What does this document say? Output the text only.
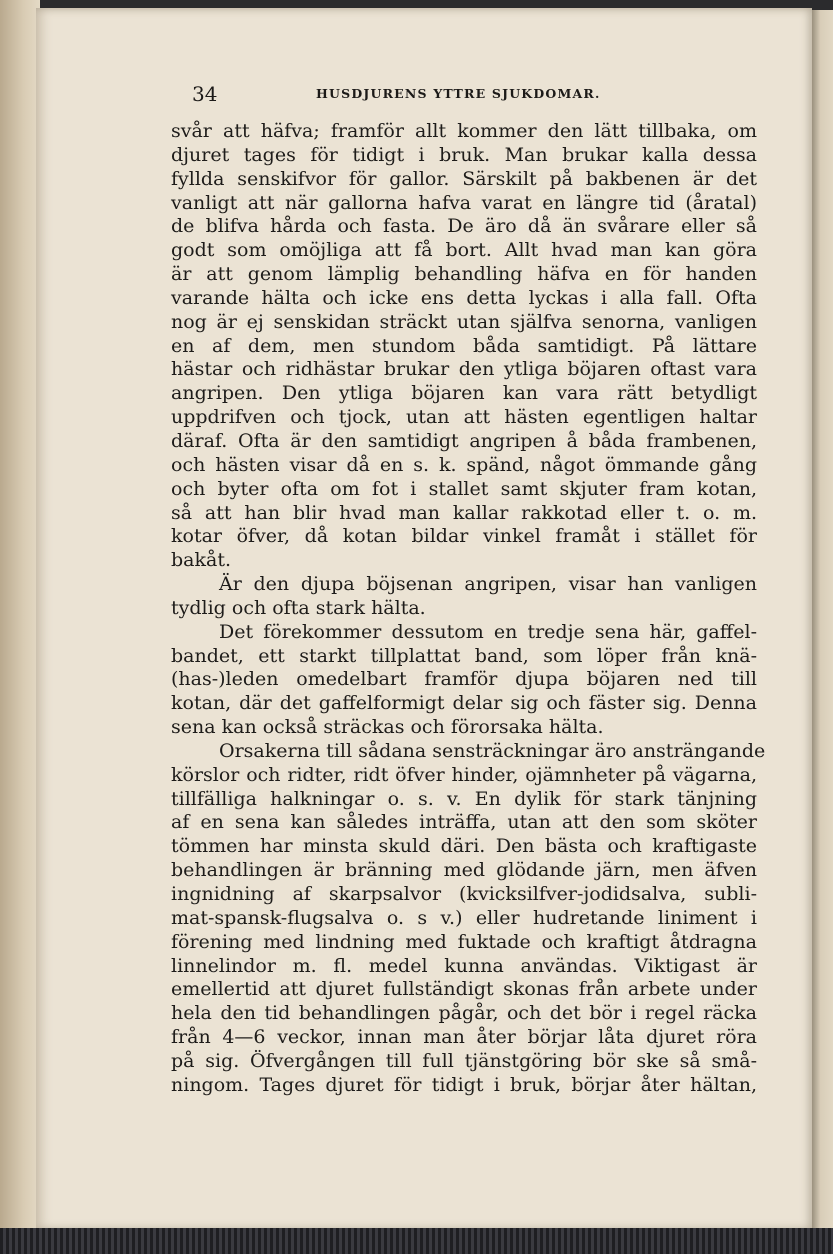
34	HUSDJURENS YTTRE SJUKDOMAR.
svår att häfva; framför allt kommer den lätt tillbaka, om
djuret tages för tidigt i bruk. Man brukar kalla dessa
fyllda senskifvor för gallor. Särskilt på bakbenen är det
vanligt att när gallorna hafva varat en längre tid (åratal)
de blifva hårda och fasta. De äro då än svårare eller så
godt som omöjliga att få bort. Allt hvad man kan göra
är att genom lämplig behandling häfva en för handen
varande hälta och icke ens detta lyckas i alla fall. Ofta
nog är ej senskidan sträckt utan själfva senorna, vanligen
en af dem, men stundom båda samtidigt. På lättare
hästar och ridhästar brukar den ytliga böjaren oftast vara
angripen. Den ytliga böjaren kan vara rätt betydligt
uppdrifven och tjock, utan att hästen egentligen haltar
däraf. Ofta är den samtidigt angripen å båda frambenen,
och hästen visar då en s. k. spänd, något ömmande gång
och byter ofta om fot i stallet samt skjuter fram kotan,
så att han blir hvad man kallar rakkotad eller t. o. m.
kotar öfver, då kotan bildar vinkel framåt i stället för
bakåt.
Är den djupa böjsenan angripen, visar han vanligen
tydlig och ofta stark hälta.
Det förekommer dessutom en tredje sena här, gaffel-
bandet, ett starkt tillplattat band, som löper från knä-
(has-)leden omedelbart framför djupa böjaren ned till
kotan, där det gaffelformigt delar sig och fäster sig. Denna
sena kan också sträckas och förorsaka hälta.
Orsakerna till sådana sensträckningar äro ansträngande
körslor och ridter, ridt öfver hinder, ojämnheter på vägarna,
tillfälliga halkningar o. s. v. En dylik för stark tänjning
af en sena kan således inträffa, utan att den som sköter
tömmen har minsta skuld däri. Den bästa och kraftigaste
behandlingen är bränning med glödande järn, men äfven
ingnidning af skarpsalvor (kvicksilfver-jodidsalva, subli-
mat-spansk-flugsalva o. s v.) eller hudretande liniment i
förening med lindning med fuktade och kraftigt åtdragna
linnelindor m. fl. medel kunna användas. Viktigast är
emellertid att djuret fullständigt skonas från arbete under
hela den tid behandlingen pågår, och det bör i regel räcka
från 4—6 veckor, innan man åter börjar låta djuret röra
på sig. Öfvergången till full tjänstgöring bör ske så små-
ningom. Tages djuret för tidigt i bruk, börjar åter hältan,
